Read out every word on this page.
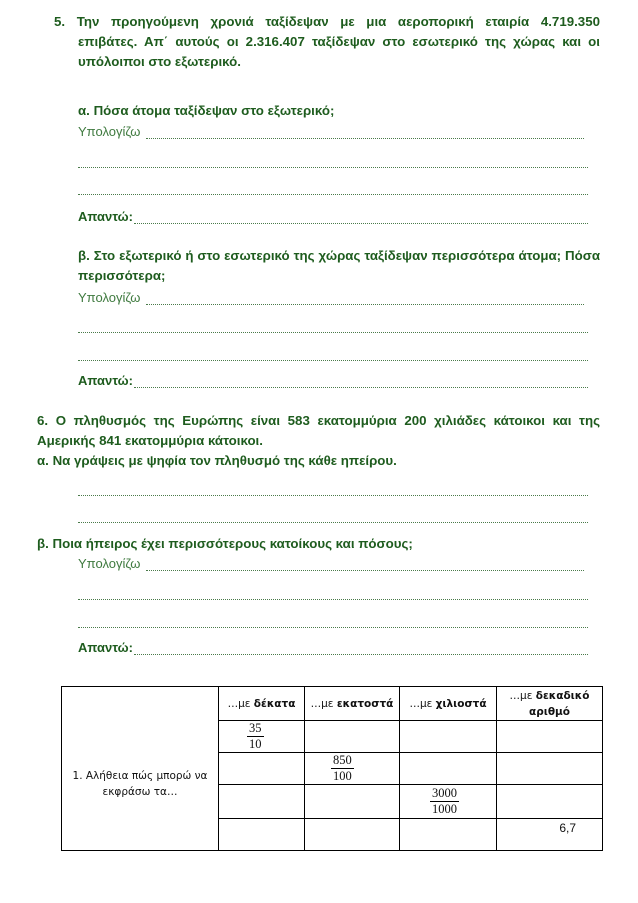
5. Την προηγούμενη χρονιά ταξίδεψαν με μια αεροπορική εταιρία 4.719.350
επιβάτες. Απ΄ αυτούς οι 2.316.407 ταξίδεψαν στο εσωτερικό της χώρας και οι
υπόλοιποι στο εξωτερικό.
α. Πόσα άτομα ταξίδεψαν στο εξωτερικό;
Υπολογίζω
Απαντώ:
β. Στο εξωτερικό ή στο εσωτερικό της χώρας ταξίδεψαν περισσότερα άτομα; Πόσα
περισσότερα;
Υπολογίζω
Απαντώ:
6. Ο πληθυσμός της Ευρώπης είναι 583 εκατομμύρια 200 χιλιάδες κάτοικοι και της
Αμερικής 841 εκατομμύρια κάτοικοι.
α. Να γράψεις με ψηφία τον πληθυσμό της κάθε ηπείρου.
β. Ποια ήπειρος έχει περισσότερους κατοίκους και πόσους;
Υπολογίζω
Απαντώ:
1. Αλήθεια πώς μπορώ να
εκφράσω τα…	…με δέκατα	…με εκατοστά	…με χιλιοστά	…με δεκαδικό αριθμό

	$\frac{35}{10}$

		$\frac{850}{100}$

			$\frac{3000}{1000}$

				6,7
